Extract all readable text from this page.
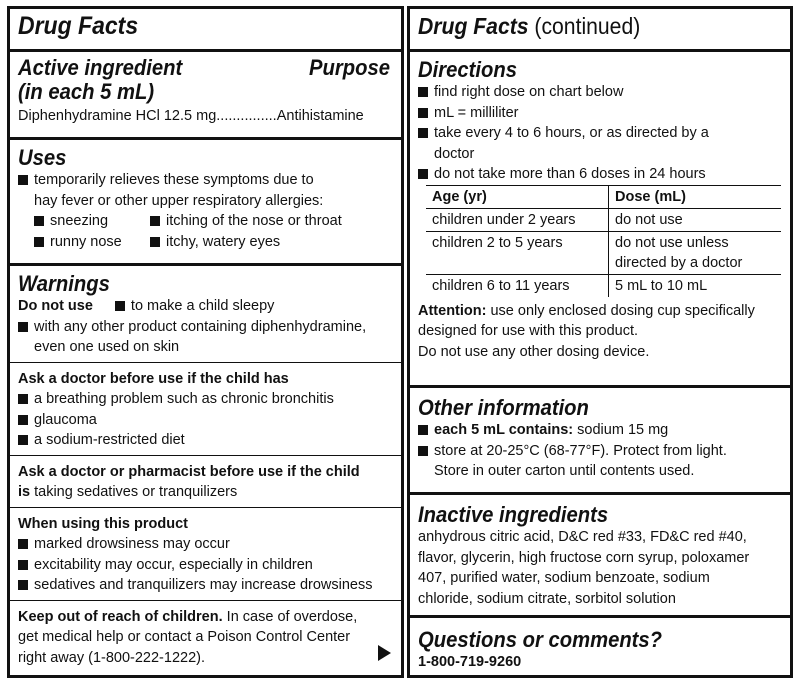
Drug Facts
Active ingredient	Purpose
(in each 5 mL)
Diphenhydramine HCl 12.5 mg...............Antihistamine
Uses
temporarily relieves these symptoms due to
hay fever or other upper respiratory allergies:
sneezing	itching of the nose or throat
runny nose	itchy, watery eyes
Warnings
Do not use	to make a child sleepy
with any other product containing diphenhydramine,
even one used on skin
Ask a doctor before use if the child has
a breathing problem such as chronic bronchitis
glaucoma
a sodium-restricted diet
Ask a doctor or pharmacist before use if the child
is taking sedatives or tranquilizers
When using this product
marked drowsiness may occur
excitability may occur, especially in children
sedatives and tranquilizers may increase drowsiness
Keep out of reach of children. In case of overdose,
get medical help or contact a Poison Control Center
right away (1-800-222-1222).
Drug Facts (continued)
Directions
find right dose on chart below
mL = milliliter
take every 4 to 6 hours, or as directed by a
doctor
do not take more than 6 doses in 24 hours
Age (yr)	Dose (mL)
children under 2 years	do not use
children 2 to 5 years	do not use unless
directed by a doctor

children 6 to 11 years	5 mL to 10 mL
Attention: use only enclosed dosing cup specifically
designed for use with this product.
Do not use any other dosing device.
Other information
each 5 mL contains: sodium 15 mg
store at 20-25°C (68-77°F). Protect from light.
Store in outer carton until contents used.
Inactive ingredients
anhydrous citric acid, D&C red #33, FD&C red #40,
flavor, glycerin, high fructose corn syrup, poloxamer
407, purified water, sodium benzoate, sodium
chloride, sodium citrate, sorbitol solution
Questions or comments?
1-800-719-9260
